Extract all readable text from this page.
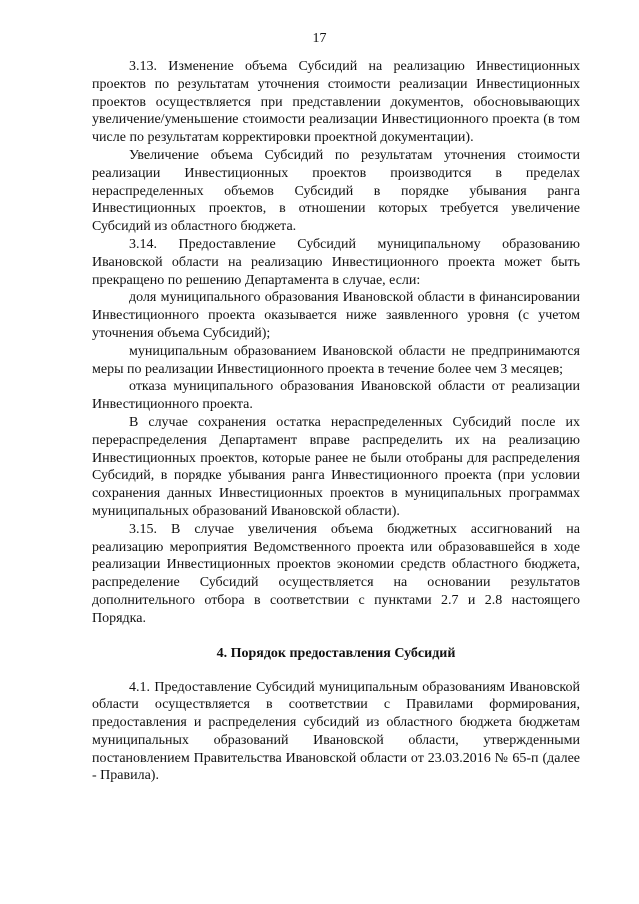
17

3.13. Изменение объема Субсидий на реализацию Инвестиционных проектов по результатам уточнения стоимости реализации Инвестиционных проектов осуществляется при представлении документов, обосновывающих увеличение/уменьшение стоимости реализации Инвестиционного проекта (в том числе по результатам корректировки проектной документации).

Увеличение объема Субсидий по результатам уточнения стоимости реализации Инвестиционных проектов производится в пределах нераспределенных объемов Субсидий в порядке убывания ранга Инвестиционных проектов, в отношении которых требуется увеличение Субсидий из областного бюджета.

3.14. Предоставление Субсидий муниципальному образованию Ивановской области на реализацию Инвестиционного проекта может быть прекращено по решению Департамента в случае, если:

доля муниципального образования Ивановской области в финансировании Инвестиционного проекта оказывается ниже заявленного уровня (с учетом уточнения объема Субсидий);

муниципальным образованием Ивановской области не предпринимаются меры по реализации Инвестиционного проекта в течение более чем 3 месяцев;

отказа муниципального образования Ивановской области от реализации Инвестиционного проекта.

В случае сохранения остатка нераспределенных Субсидий после их перераспределения Департамент вправе распределить их на реализацию Инвестиционных проектов, которые ранее не были отобраны для распределения Субсидий, в порядке убывания ранга Инвестиционного проекта (при условии сохранения данных Инвестиционных проектов в муниципальных программах муниципальных образований Ивановской области).

3.15. В случае увеличения объема бюджетных ассигнований на реализацию мероприятия Ведомственного проекта или образовавшейся в ходе реализации Инвестиционных проектов экономии средств областного бюджета, распределение Субсидий осуществляется на основании результатов дополнительного отбора в соответствии с пунктами 2.7 и 2.8 настоящего Порядка.

4. Порядок предоставления Субсидий

4.1. Предоставление Субсидий муниципальным образованиям Ивановской области осуществляется в соответствии с Правилами формирования, предоставления и распределения субсидий из областного бюджета бюджетам муниципальных образований Ивановской области, утвержденными постановлением Правительства Ивановской области от 23.03.2016 № 65-п (далее - Правила).
